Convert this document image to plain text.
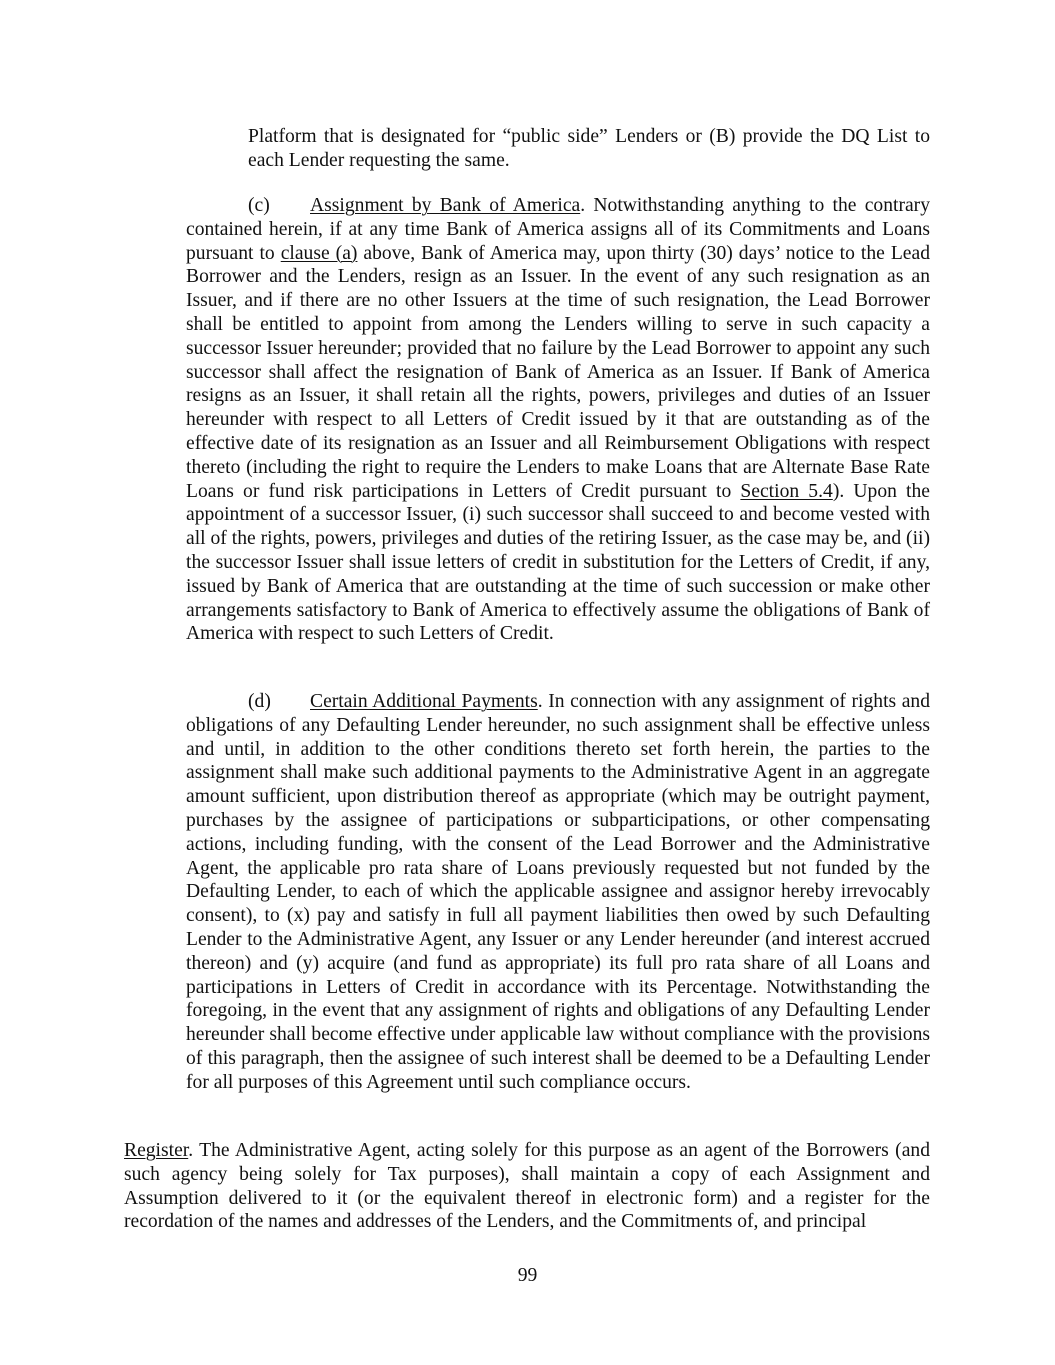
Platform that is designated for “public side” Lenders or (B) provide the DQ List to each Lender requesting the same.

(c) Assignment by Bank of America. Notwithstanding anything to the contrary contained herein, if at any time Bank of America assigns all of its Commitments and Loans pursuant to clause (a) above, Bank of America may, upon thirty (30) days’ notice to the Lead Borrower and the Lenders, resign as an Issuer. In the event of any such resignation as an Issuer, and if there are no other Issuers at the time of such resignation, the Lead Borrower shall be entitled to appoint from among the Lenders willing to serve in such capacity a successor Issuer hereunder; provided that no failure by the Lead Borrower to appoint any such successor shall affect the resignation of Bank of America as an Issuer. If Bank of America resigns as an Issuer, it shall retain all the rights, powers, privileges and duties of an Issuer hereunder with respect to all Letters of Credit issued by it that are outstanding as of the effective date of its resignation as an Issuer and all Reimbursement Obligations with respect thereto (including the right to require the Lenders to make Loans that are Alternate Base Rate Loans or fund risk participations in Letters of Credit pursuant to Section 5.4). Upon the appointment of a successor Issuer, (i) such successor shall succeed to and become vested with all of the rights, powers, privileges and duties of the retiring Issuer, as the case may be, and (ii) the successor Issuer shall issue letters of credit in substitution for the Letters of Credit, if any, issued by Bank of America that are outstanding at the time of such succession or make other arrangements satisfactory to Bank of America to effectively assume the obligations of Bank of America with respect to such Letters of Credit.

(d) Certain Additional Payments. In connection with any assignment of rights and obligations of any Defaulting Lender hereunder, no such assignment shall be effective unless and until, in addition to the other conditions thereto set forth herein, the parties to the assignment shall make such additional payments to the Administrative Agent in an aggregate amount sufficient, upon distribution thereof as appropriate (which may be outright payment, purchases by the assignee of participations or subparticipations, or other compensating actions, including funding, with the consent of the Lead Borrower and the Administrative Agent, the applicable pro rata share of Loans previously requested but not funded by the Defaulting Lender, to each of which the applicable assignee and assignor hereby irrevocably consent), to (x) pay and satisfy in full all payment liabilities then owed by such Defaulting Lender to the Administrative Agent, any Issuer or any Lender hereunder (and interest accrued thereon) and (y) acquire (and fund as appropriate) its full pro rata share of all Loans and participations in Letters of Credit in accordance with its Percentage. Notwithstanding the foregoing, in the event that any assignment of rights and obligations of any Defaulting Lender hereunder shall become effective under applicable law without compliance with the provisions of this paragraph, then the assignee of such interest shall be deemed to be a Defaulting Lender for all purposes of this Agreement until such compliance occurs.

Register. The Administrative Agent, acting solely for this purpose as an agent of the Borrowers (and such agency being solely for Tax purposes), shall maintain a copy of each Assignment and Assumption delivered to it (or the equivalent thereof in electronic form) and a register for the recordation of the names and addresses of the Lenders, and the Commitments of, and principal

99
